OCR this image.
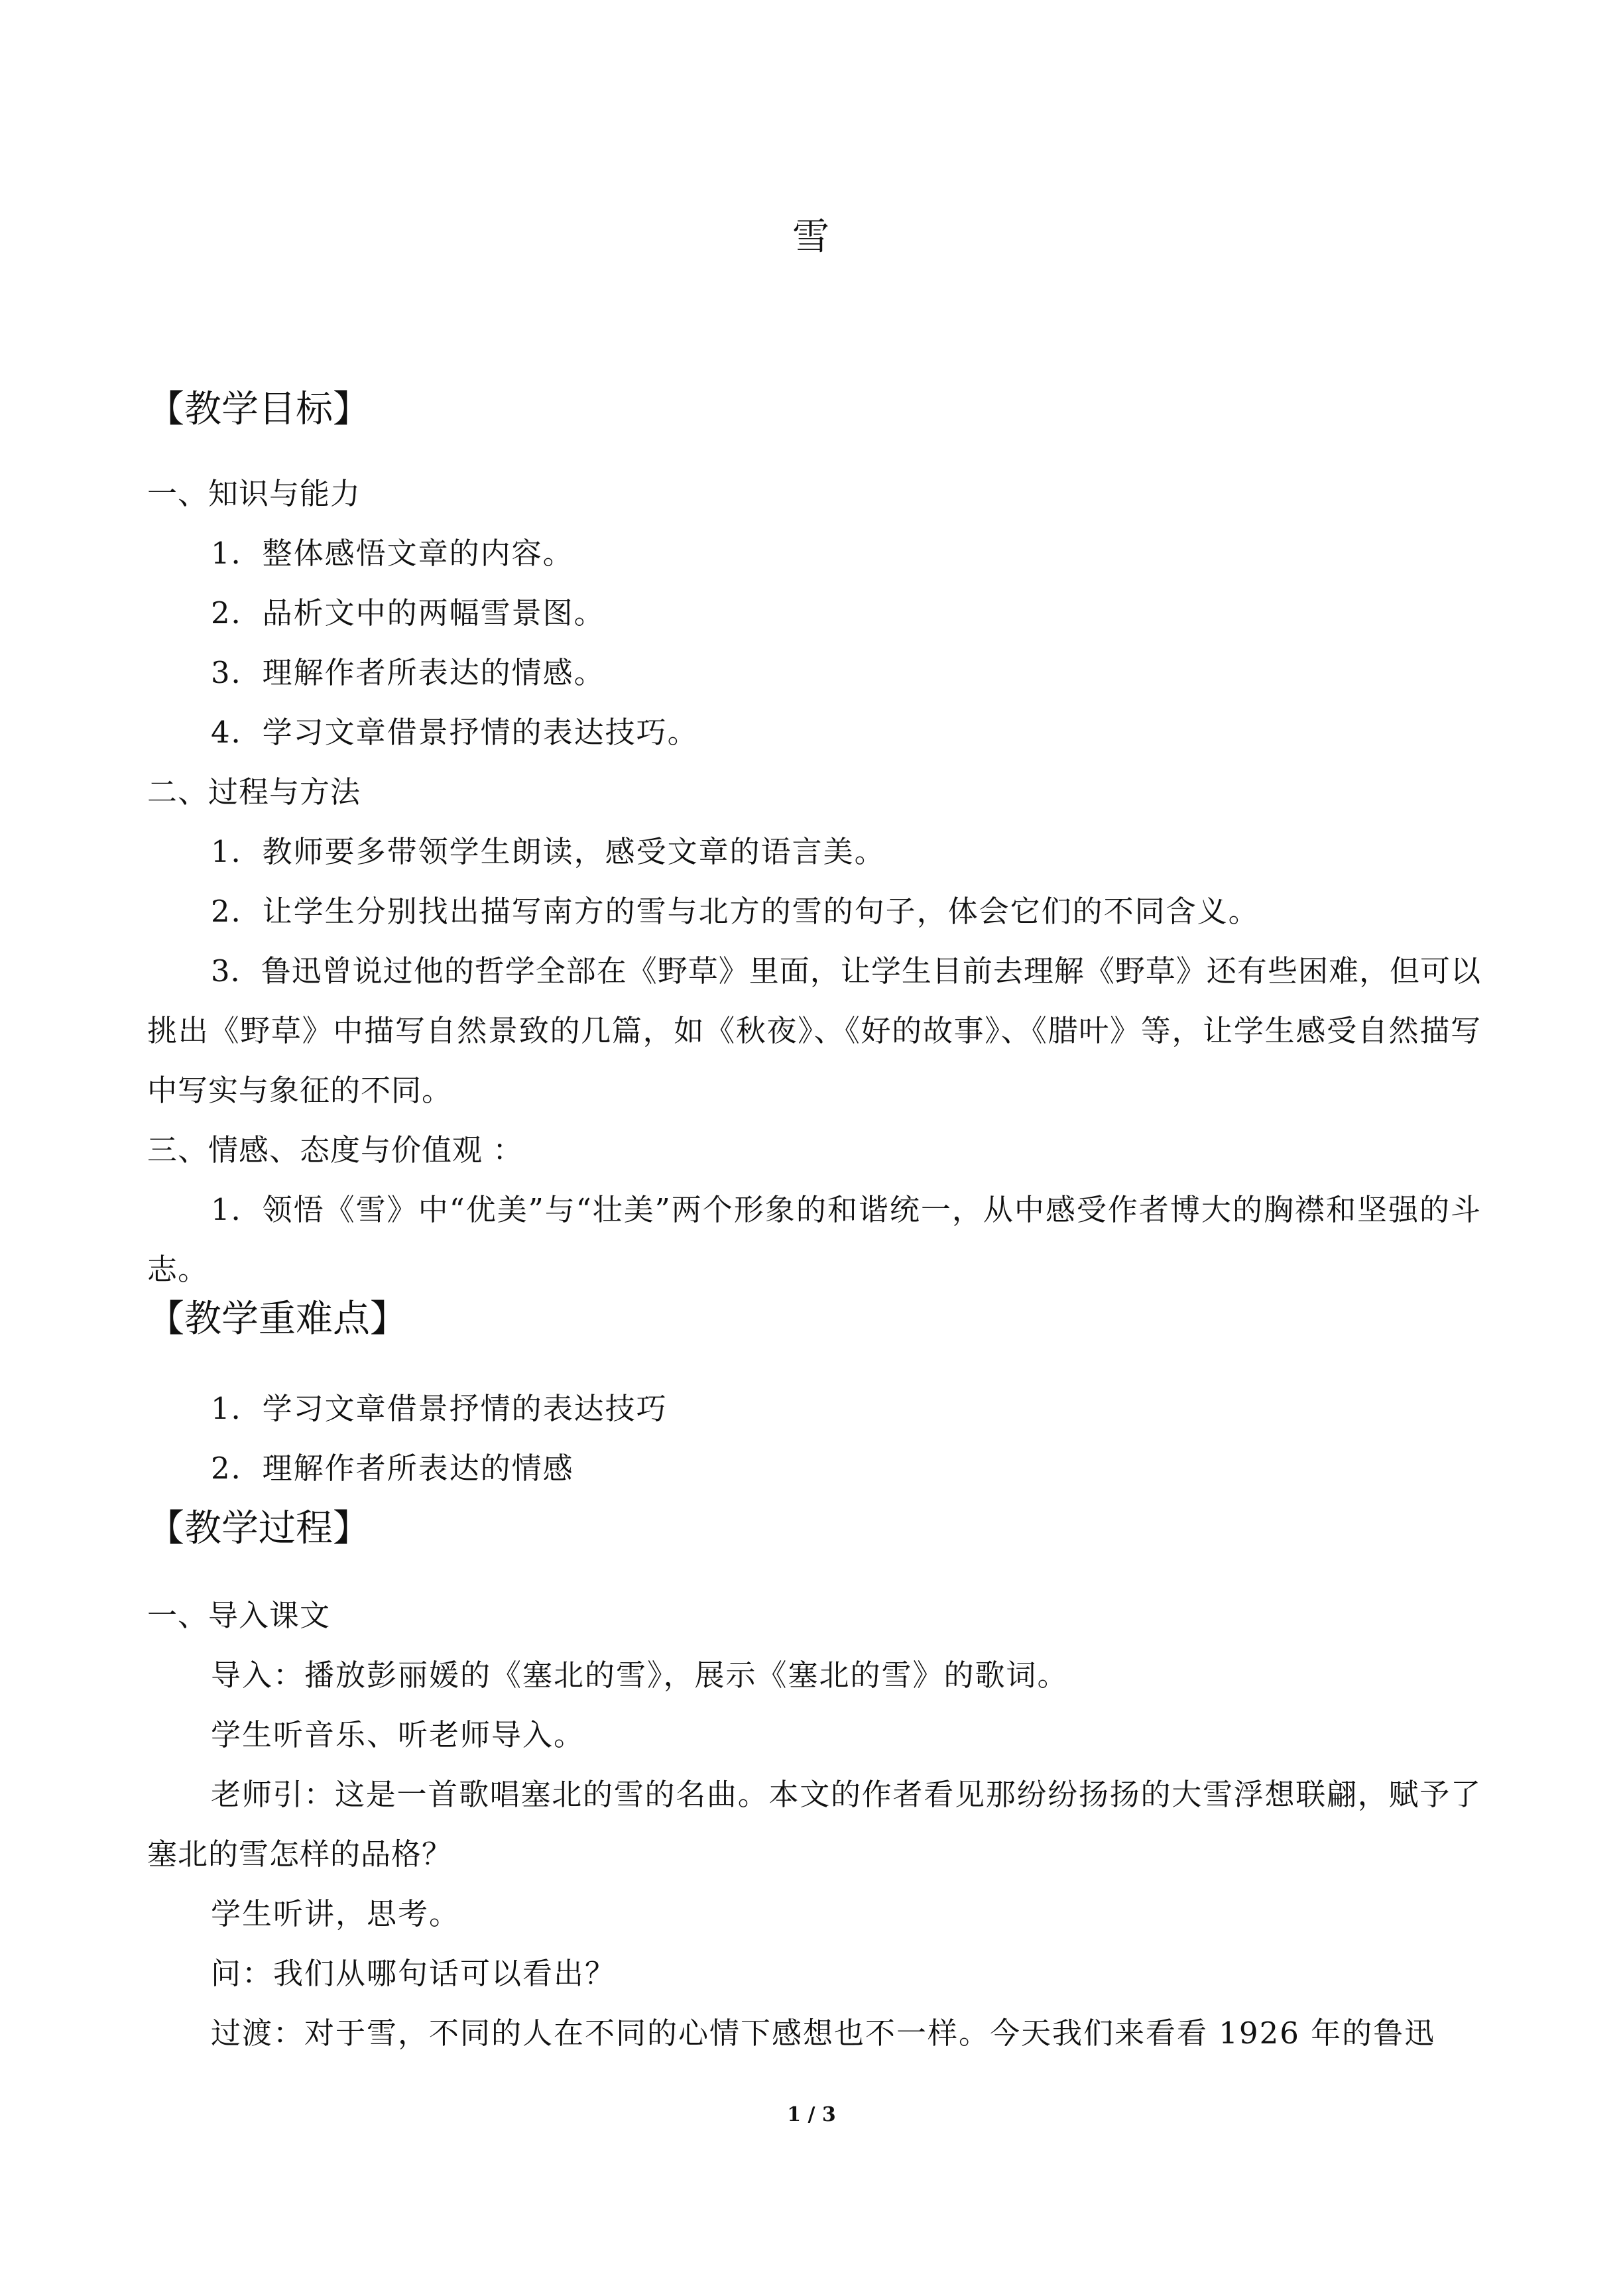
雪
【教学目标】
一、知识与能力
1．整体感悟文章的内容。
2．品析文中的两幅雪景图。
3．理解作者所表达的情感。
4．学习文章借景抒情的表达技巧。
二、过程与方法
1．教师要多带领学生朗读，感受文章的语言美。
2．让学生分别找出描写南方的雪与北方的雪的句子，体会它们的不同含义。
3．鲁迅曾说过他的哲学全部在《野草》里面，让学生目前去理解《野草》还有些困难，但可以挑出《野草》中描写自然景致的几篇，如《秋夜》、《好的故事》、《腊叶》等，让学生感受自然描写中写实与象征的不同。
三、情感、态度与价值观 ：
1．领悟《雪》中“优美”与“壮美”两个形象的和谐统一，从中感受作者博大的胸襟和坚强的斗志。
【教学重难点】
1．学习文章借景抒情的表达技巧
2．理解作者所表达的情感
【教学过程】
一、导入课文
导入：播放彭丽媛的《塞北的雪》，展示《塞北的雪》的歌词。
学生听音乐、听老师导入。
老师引：这是一首歌唱塞北的雪的名曲。本文的作者看见那纷纷扬扬的大雪浮想联翩，赋予了塞北的雪怎样的品格？
学生听讲，思考。
问：我们从哪句话可以看出？
过渡：对于雪，不同的人在不同的心情下感想也不一样。今天我们来看看 1926 年的鲁迅
1 / 3
